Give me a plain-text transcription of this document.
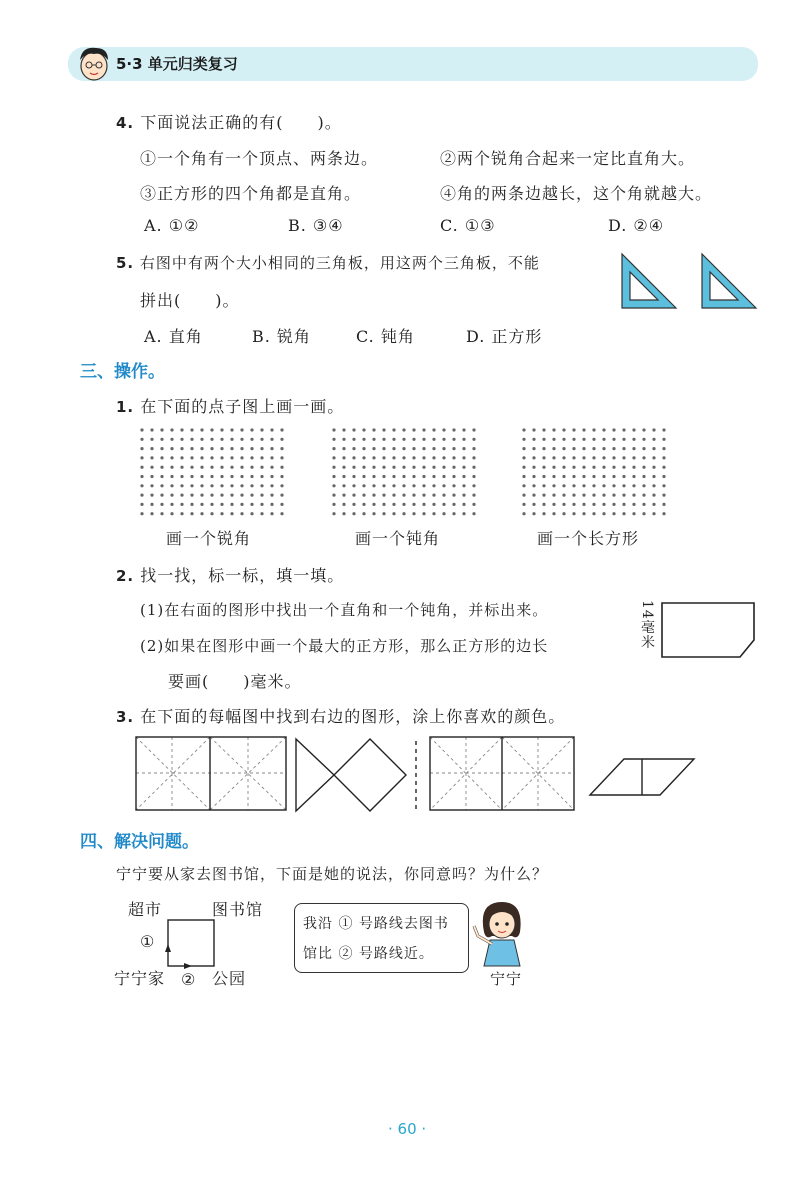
5·3 单元归类复习
4. 下面说法正确的有(　　)。
①一个角有一个顶点、两条边。	②两个锐角合起来一定比直角大。
③正方形的四个角都是直角。	④角的两条边越长，这个角就越大。
A. ①②	B. ③④	C. ①③	D. ②④
5. 右图中有两个大小相同的三角板，用这两个三角板，不能
拼出(　　)。
A. 直角	B. 锐角	C. 钝角	D. 正方形
三、操作。
1. 在下面的点子图上画一画。
画一个锐角	画一个钝角	画一个长方形
2. 找一找，标一标，填一填。
(1)在右面的图形中找出一个直角和一个钝角，并标出来。
(2)如果在图形中画一个最大的正方形，那么正方形的边长
要画(　　)毫米。
14毫米
3. 在下面的每幅图中找到右边的图形，涂上你喜欢的颜色。
四、解决问题。
宁宁要从家去图书馆，下面是她的说法，你同意吗？为什么？
超市	图书馆
①
宁宁家 ② 公园
我沿 ① 号路线去图书
馆比 ② 号路线近。
宁宁
· 60 ·
